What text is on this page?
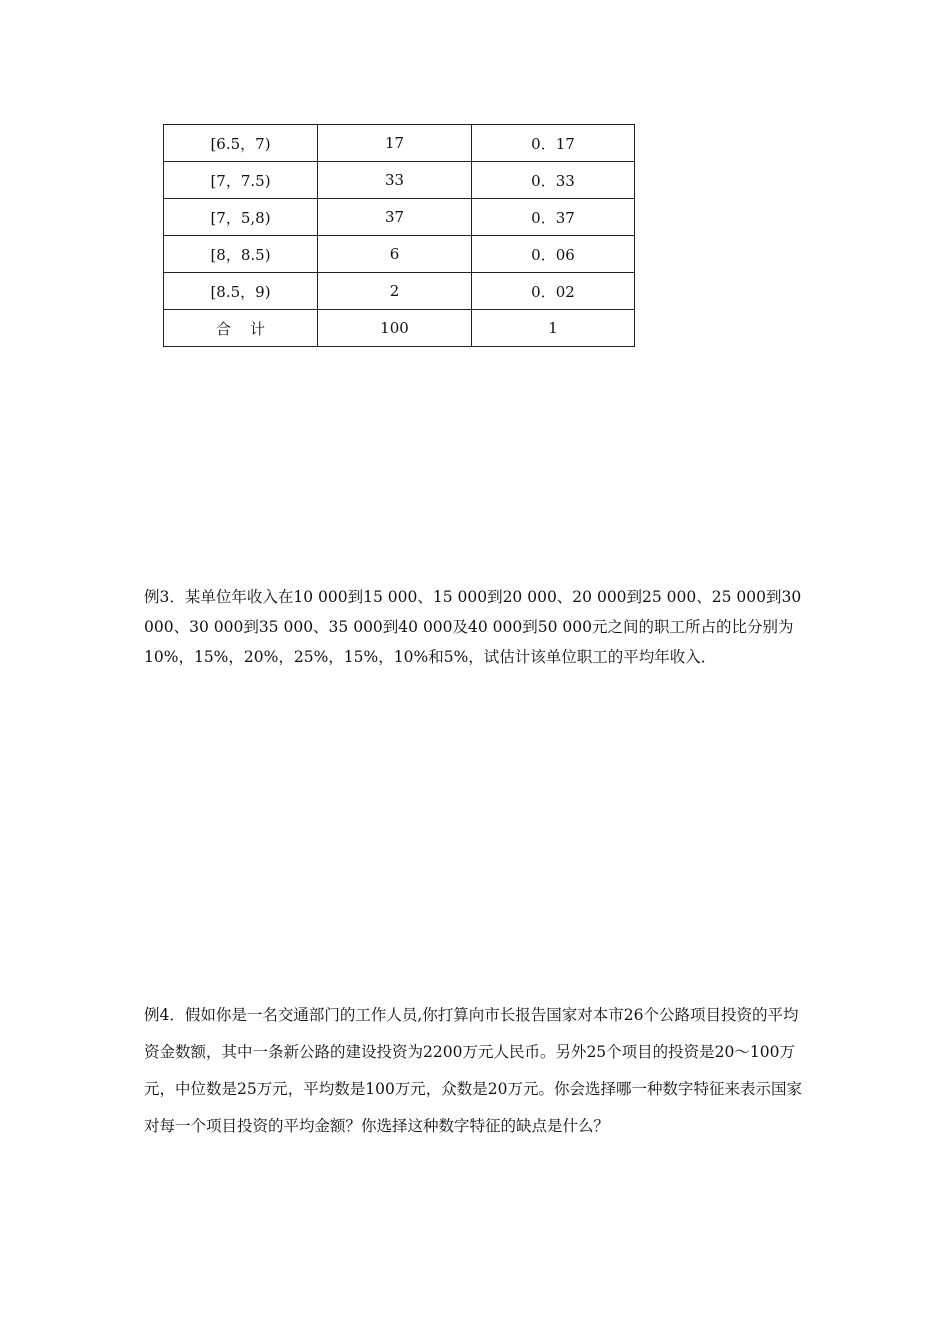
[6.5，7)	17	0．17
[7，7.5)	33	0．33
[7，5,8)	37	0．37
[8，8.5)	6	0．06
[8.5，9)	2	0．02
合    计	100	1

例3．某单位年收入在10 000到15 000、15 000到20 000、20 000到25 000、25 000到30 000、30 000到35 000、35 000到40 000及40 000到50 000元之间的职工所占的比分别为10%，15%，20%，25%，15%，10%和5%，试估计该单位职工的平均年收入．

例4．假如你是一名交通部门的工作人员,你打算向市长报告国家对本市26个公路项目投资的平均资金数额，其中一条新公路的建设投资为2200万元人民币。另外25个项目的投资是20～100万元，中位数是25万元，平均数是100万元，众数是20万元。你会选择哪一种数字特征来表示国家对每一个项目投资的平均金额？你选择这种数字特征的缺点是什么？
